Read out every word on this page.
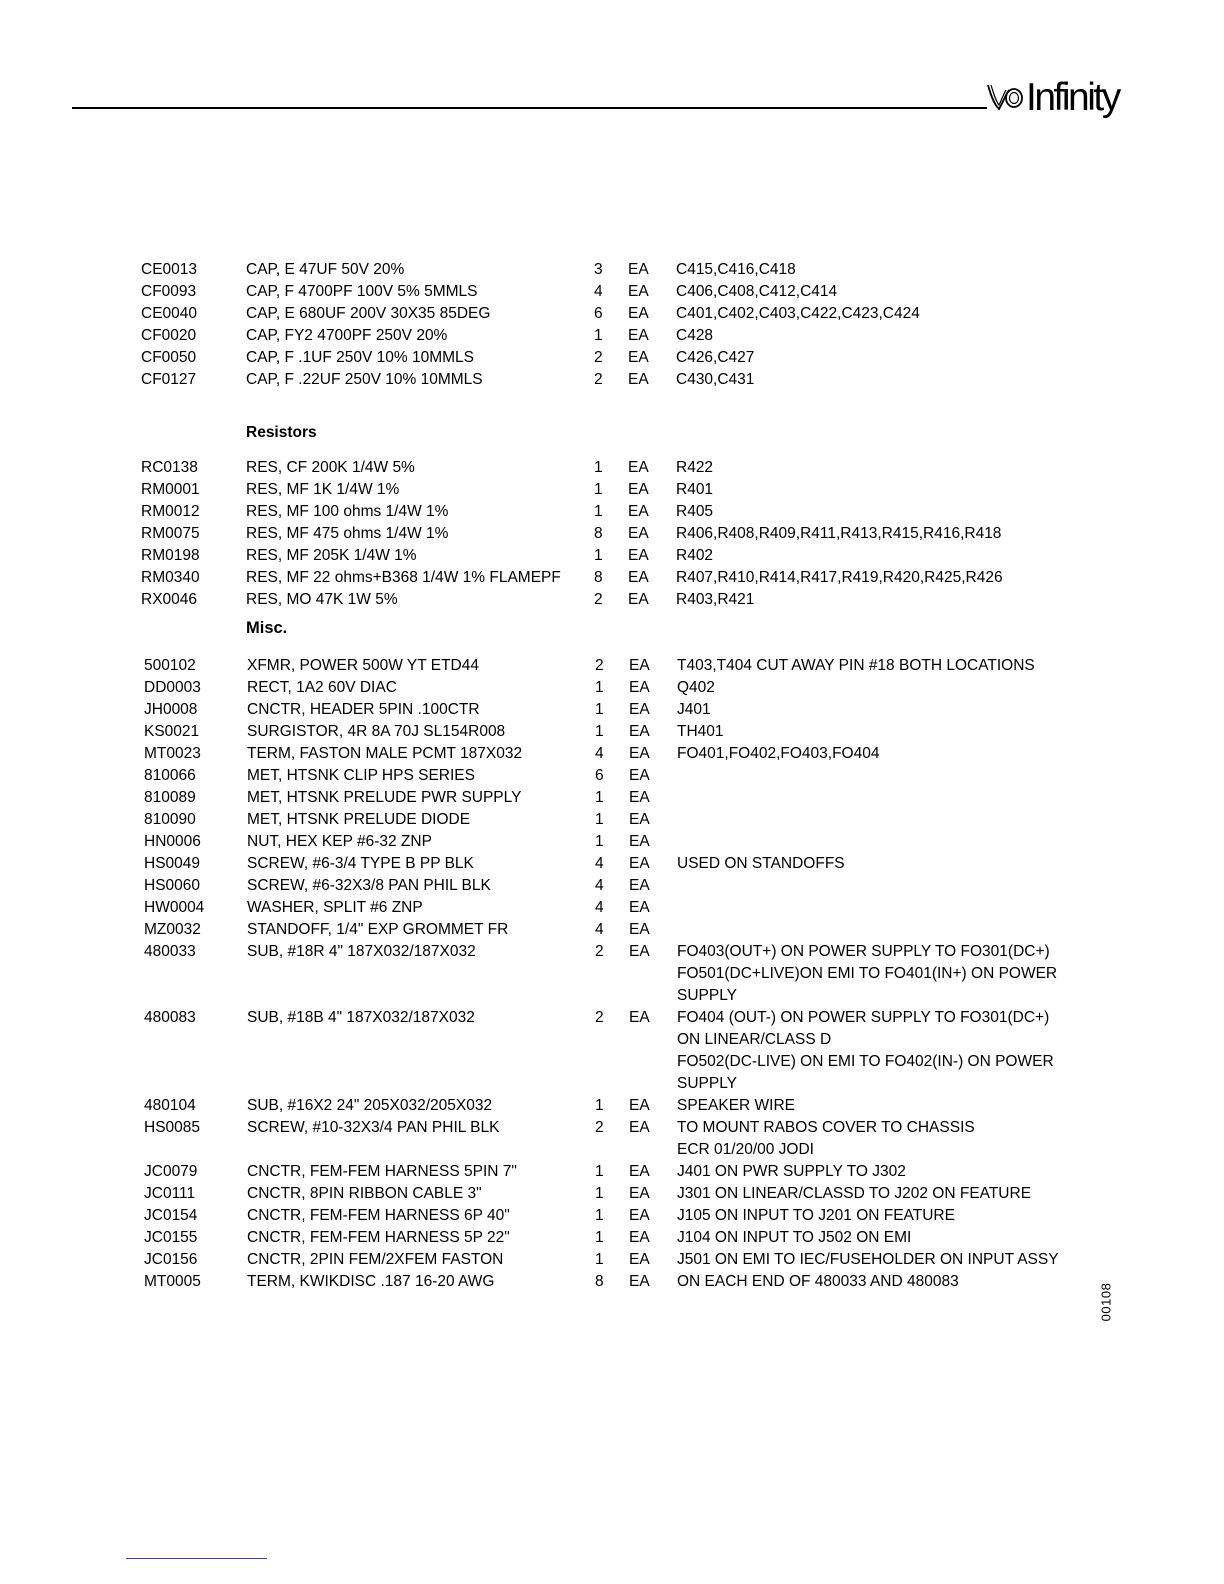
Infinity
CE0013	CAP, E 47UF 50V 20%	3 EA C415,C416,C418
CF0093	CAP, F 4700PF 100V 5% 5MMLS	4 EA C406,C408,C412,C414
CE0040	CAP, E 680UF 200V 30X35 85DEG	6 EA C401,C402,C403,C422,C423,C424
CF0020	CAP, FY2 4700PF 250V 20%	1 EA C428
CF0050	CAP, F .1UF 250V 10% 10MMLS	2 EA C426,C427
CF0127	CAP, F .22UF 250V 10% 10MMLS	2 EA C430,C431
Resistors
RC0138	RES, CF 200K 1/4W 5%	1 EA R422
RM0001	RES, MF 1K 1/4W 1%	1 EA R401
RM0012	RES, MF 100 ohms 1/4W 1%	1 EA R405
RM0075	RES, MF 475 ohms 1/4W 1%	8 EA R406,R408,R409,R411,R413,R415,R416,R418
RM0198	RES, MF 205K 1/4W 1%	1 EA R402
RM0340	RES, MF 22 ohms+B368 1/4W 1% FLAMEPF	8 EA R407,R410,R414,R417,R419,R420,R425,R426
RX0046	RES, MO 47K 1W 5%	2 EA R403,R421
Misc.
500102	XFMR, POWER 500W YT ETD44	2 EA T403,T404 CUT AWAY PIN #18 BOTH LOCATIONS
DD0003	RECT, 1A2 60V DIAC	1 EA Q402
JH0008	CNCTR, HEADER 5PIN .100CTR	1 EA J401
KS0021	SURGISTOR, 4R 8A 70J SL154R008	1 EA TH401
MT0023	TERM, FASTON MALE PCMT 187X032	4 EA FO401,FO402,FO403,FO404
810066	MET, HTSNK CLIP HPS SERIES	6 EA
810089	MET, HTSNK PRELUDE PWR SUPPLY	1 EA
810090	MET, HTSNK PRELUDE DIODE	1 EA
HN0006	NUT, HEX KEP #6-32 ZNP	1 EA
HS0049	SCREW, #6-3/4 TYPE B PP BLK	4 EA USED ON STANDOFFS
HS0060	SCREW, #6-32X3/8 PAN PHIL BLK	4 EA
HW0004	WASHER, SPLIT #6 ZNP	4 EA
MZ0032	STANDOFF, 1/4" EXP GROMMET FR	4 EA
480033	SUB, #18R 4" 187X032/187X032	2 EA FO403(OUT+) ON POWER SUPPLY TO FO301(DC+)
FO501(DC+LIVE)ON EMI TO FO401(IN+) ON POWER
SUPPLY
480083	SUB, #18B 4" 187X032/187X032	2 EA FO404 (OUT-) ON POWER SUPPLY TO FO301(DC+)
ON LINEAR/CLASS D
FO502(DC-LIVE) ON EMI TO FO402(IN-) ON POWER
SUPPLY
480104	SUB, #16X2 24" 205X032/205X032	1 EA SPEAKER WIRE
HS0085	SCREW, #10-32X3/4 PAN PHIL BLK	2 EA TO MOUNT RABOS COVER TO CHASSIS
ECR 01/20/00 JODI
JC0079	CNCTR, FEM-FEM HARNESS 5PIN 7"	1 EA J401 ON PWR SUPPLY TO J302
JC0111	CNCTR, 8PIN RIBBON CABLE 3"	1 EA J301 ON LINEAR/CLASSD TO J202 ON FEATURE
JC0154	CNCTR, FEM-FEM HARNESS 6P 40"	1 EA J105 ON INPUT TO J201 ON FEATURE
JC0155	CNCTR, FEM-FEM HARNESS 5P 22"	1 EA J104 ON INPUT TO J502 ON EMI
JC0156	CNCTR, 2PIN FEM/2XFEM FASTON	1 EA J501 ON EMI TO IEC/FUSEHOLDER ON INPUT ASSY
MT0005	TERM, KWIKDISC .187 16-20 AWG	8 EA ON EACH END OF 480033 AND 480083
00108
